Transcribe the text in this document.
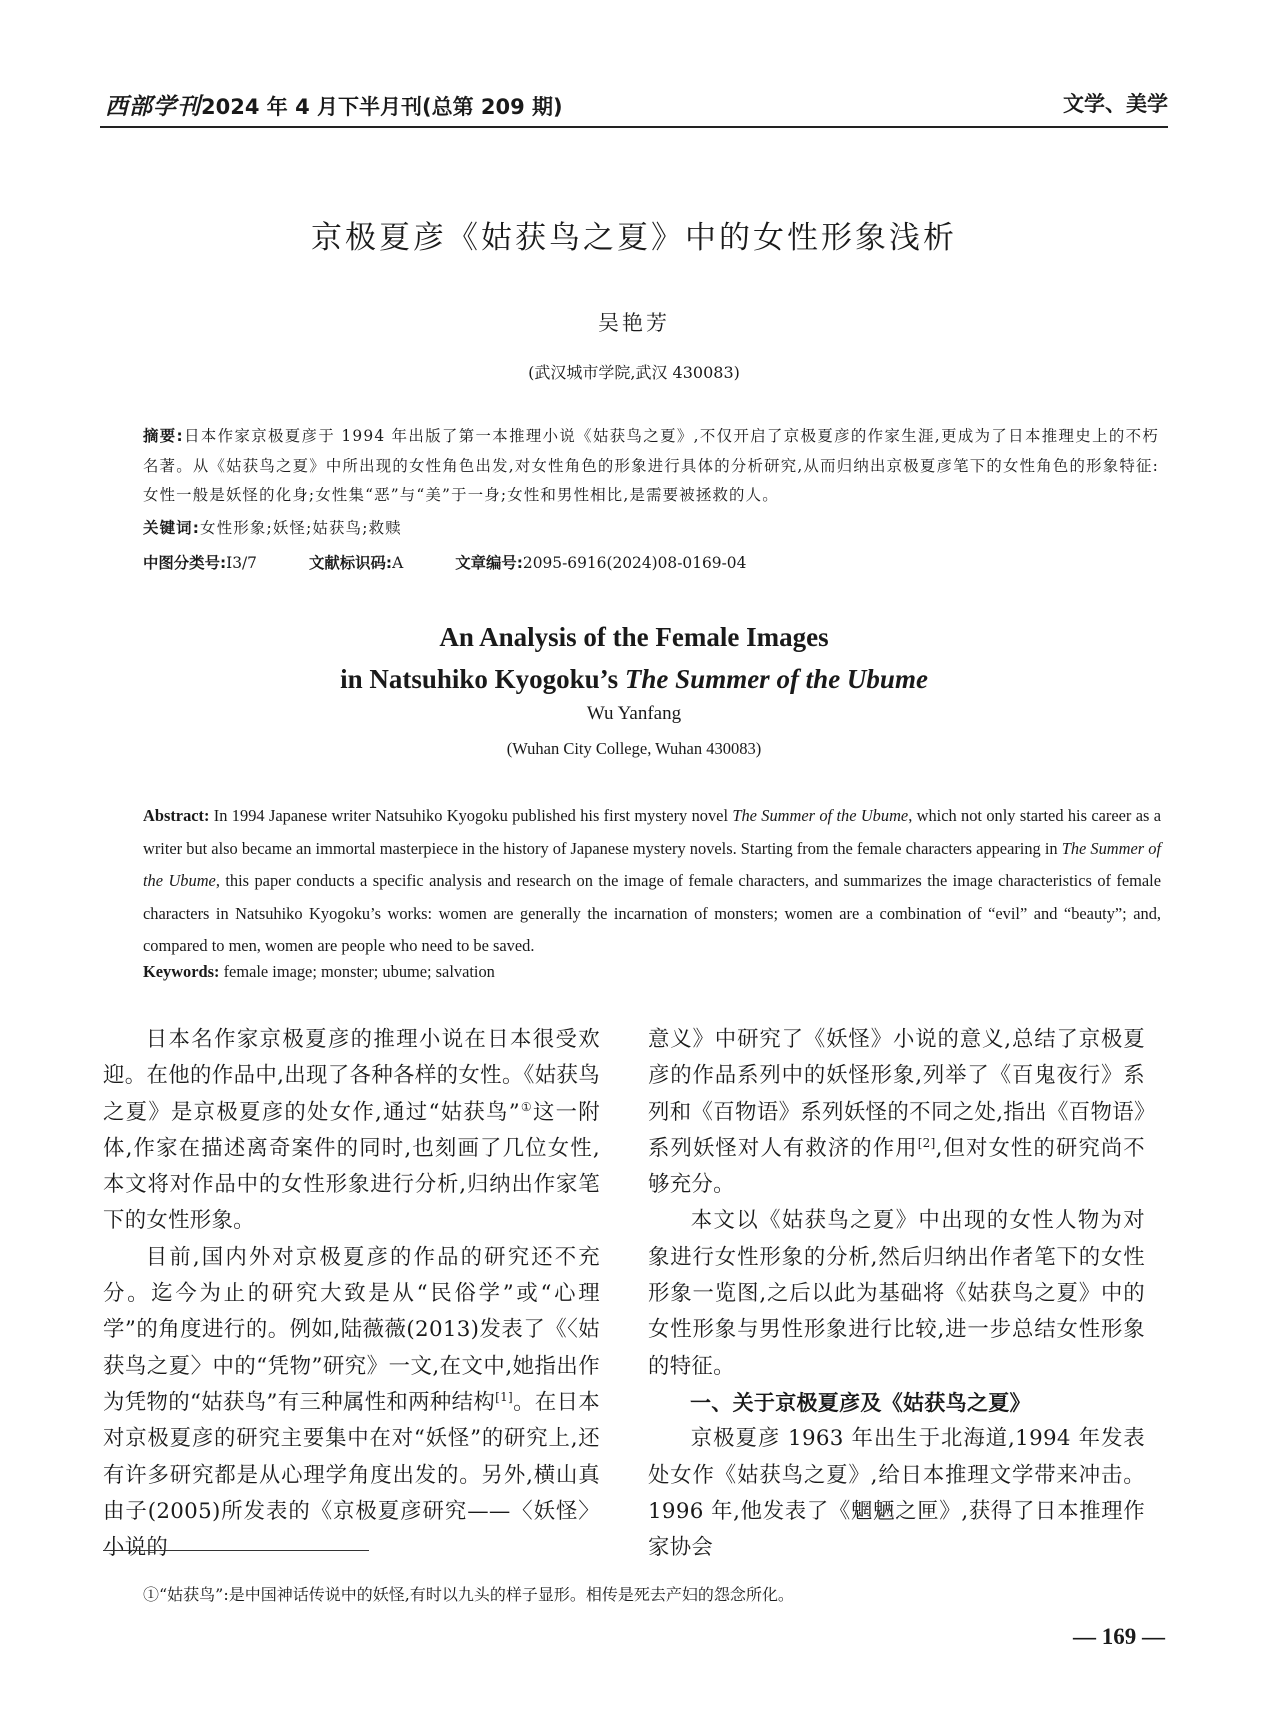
西部学刊2024 年 4 月下半月刊(总第 209 期)	文学、美学
京极夏彦《姑获鸟之夏》中的女性形象浅析
吴艳芳
(武汉城市学院,武汉 430083)
摘要:日本作家京极夏彦于 1994 年出版了第一本推理小说《姑获鸟之夏》,不仅开启了京极夏彦的作家生涯,更成为了日本推理史上的不朽名著。从《姑获鸟之夏》中所出现的女性角色出发,对女性角色的形象进行具体的分析研究,从而归纳出京极夏彦笔下的女性角色的形象特征:女性一般是妖怪的化身;女性集“恶”与“美”于一身;女性和男性相比,是需要被拯救的人。
关键词:女性形象;妖怪;姑获鸟;救赎
中图分类号:I3/7	文献标识码:A	文章编号:2095-6916(2024)08-0169-04
An Analysis of the Female Images
in Natsuhiko Kyogoku’s The Summer of the Ubume
Wu Yanfang
(Wuhan City College, Wuhan 430083)
Abstract: In 1994 Japanese writer Natsuhiko Kyogoku published his first mystery novel The Summer of the Ubume, which not only started his career as a writer but also became an immortal masterpiece in the history of Japanese mystery novels. Starting from the female characters appearing in The Summer of the Ubume, this paper conducts a specific analysis and research on the image of female characters, and summarizes the image characteristics of female characters in Natsuhiko Kyogoku’s works: women are generally the incarnation of monsters; women are a combination of “evil” and “beauty”; and, compared to men, women are people who need to be saved.
Keywords: female image; monster; ubume; salvation

日本名作家京极夏彦的推理小说在日本很受欢迎。在他的作品中,出现了各种各样的女性。《姑获鸟之夏》是京极夏彦的处女作,通过“姑获鸟”①这一附体,作家在描述离奇案件的同时,也刻画了几位女性,本文将对作品中的女性形象进行分析,归纳出作家笔下的女性形象。

目前,国内外对京极夏彦的作品的研究还不充分。迄今为止的研究大致是从“民俗学”或“心理学”的角度进行的。例如,陆薇薇(2013)发表了《〈姑获鸟之夏〉中的“凭物”研究》一文,在文中,她指出作为凭物的“姑获鸟”有三种属性和两种结构[1]。在日本对京极夏彦的研究主要集中在对“妖怪”的研究上,还有许多研究都是从心理学角度出发的。另外,横山真由子(2005)所发表的《京极夏彦研究——〈妖怪〉小说的

意义》中研究了《妖怪》小说的意义,总结了京极夏彦的作品系列中的妖怪形象,列举了《百鬼夜行》系列和《百物语》系列妖怪的不同之处,指出《百物语》系列妖怪对人有救济的作用[2],但对女性的研究尚不够充分。

本文以《姑获鸟之夏》中出现的女性人物为对象进行女性形象的分析,然后归纳出作者笔下的女性形象一览图,之后以此为基础将《姑获鸟之夏》中的女性形象与男性形象进行比较,进一步总结女性形象的特征。

一、关于京极夏彦及《姑获鸟之夏》

京极夏彦 1963 年出生于北海道,1994 年发表处女作《姑获鸟之夏》,给日本推理文学带来冲击。1996 年,他发表了《魍魉之匣》,获得了日本推理作家协会

①“姑获鸟”:是中国神话传说中的妖怪,有时以九头的样子显形。相传是死去产妇的怨念所化。
— 169 —
